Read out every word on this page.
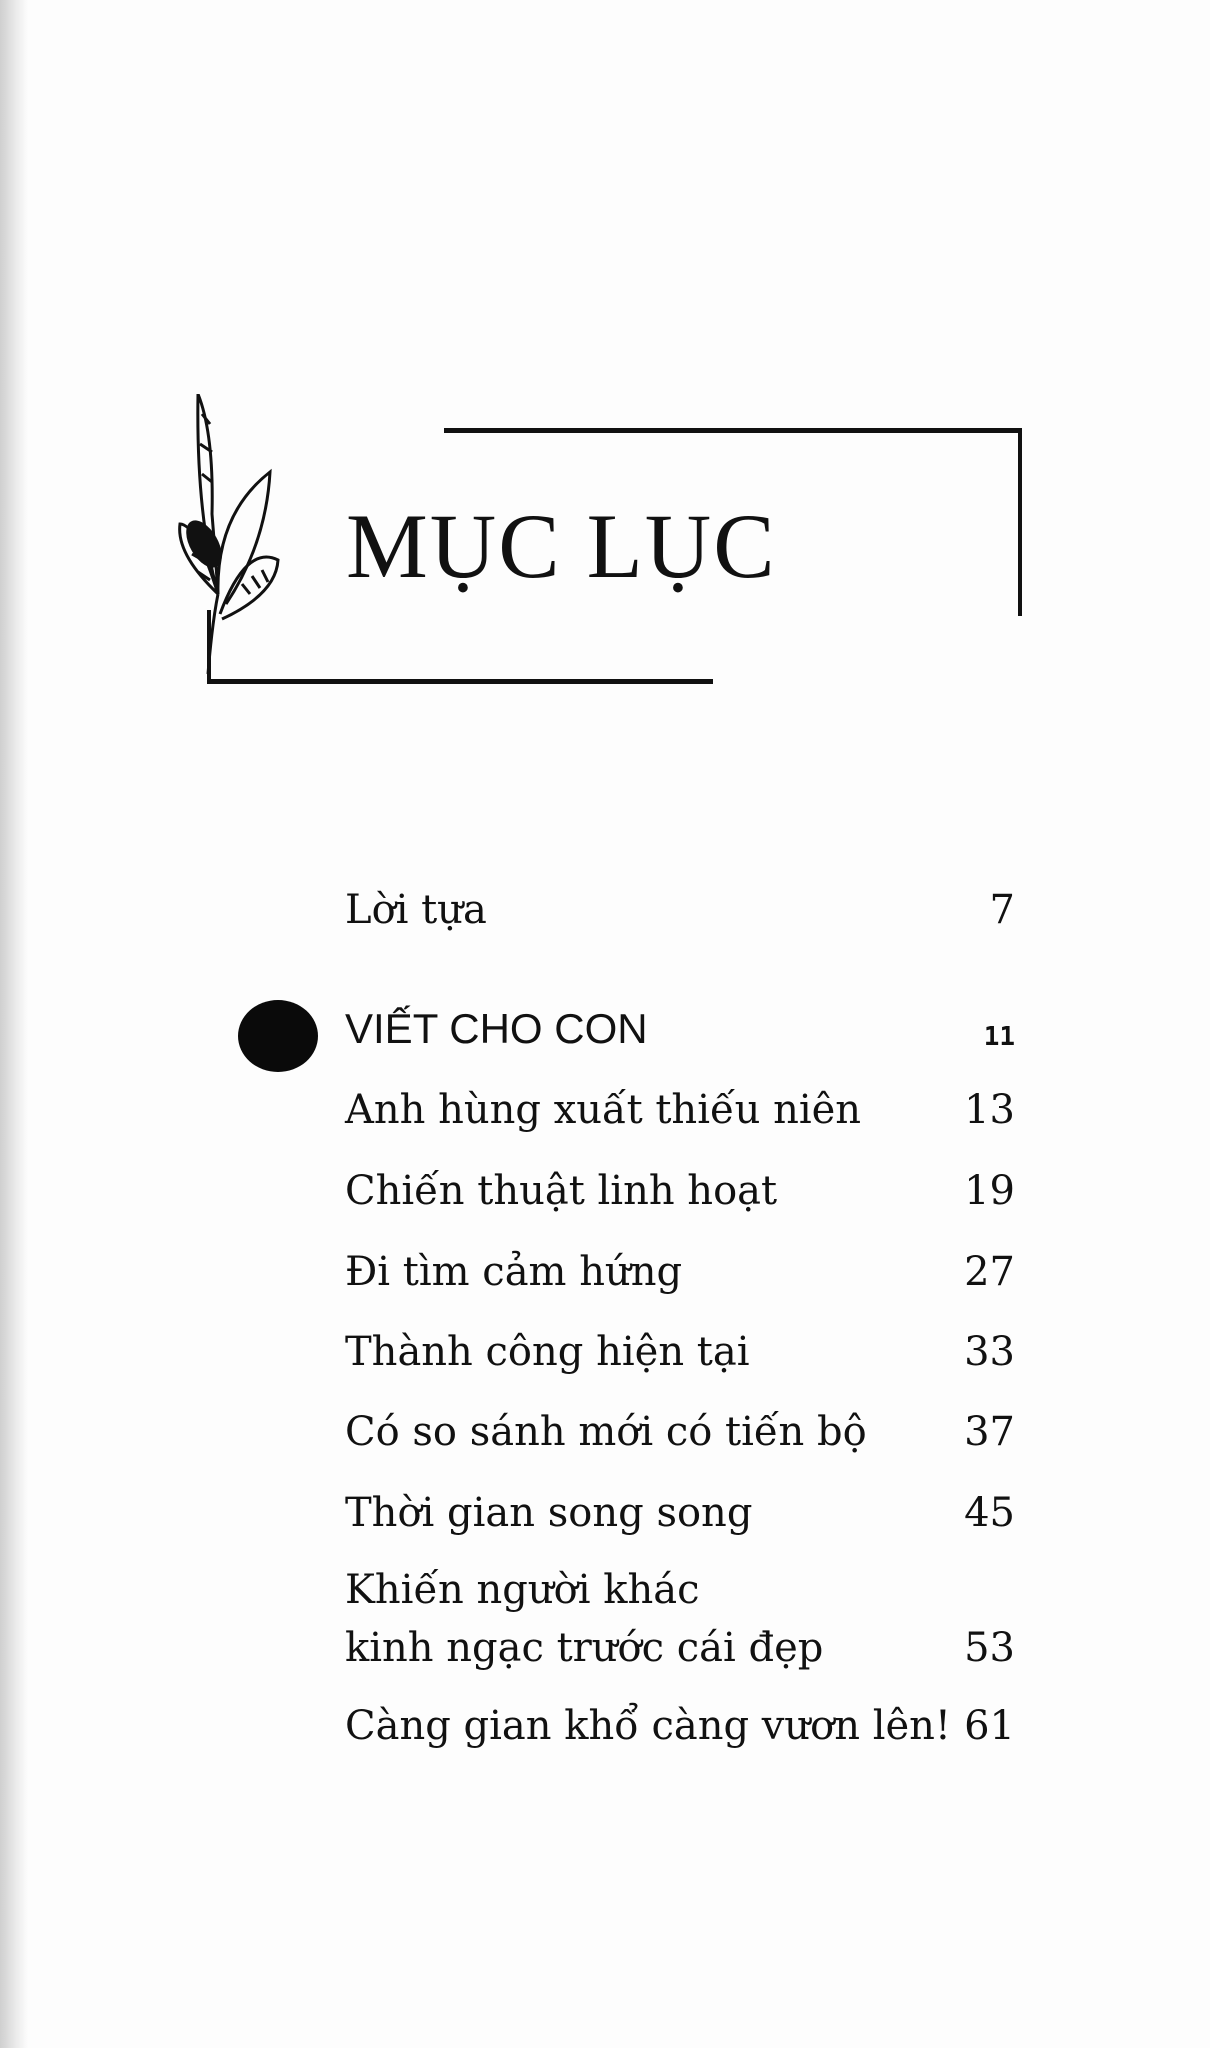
MỤC LỤC
Lời tựa	7
VIẾT CHO CON	11
Anh hùng xuất thiếu niên	13
Chiến thuật linh hoạt	19
Đi tìm cảm hứng	27
Thành công hiện tại	33
Có so sánh mới có tiến bộ 37
Thời gian song song	45
Khiến người khác
kinh ngạc trước cái đẹp	53
Càng gian khổ càng vươn lên! 61
